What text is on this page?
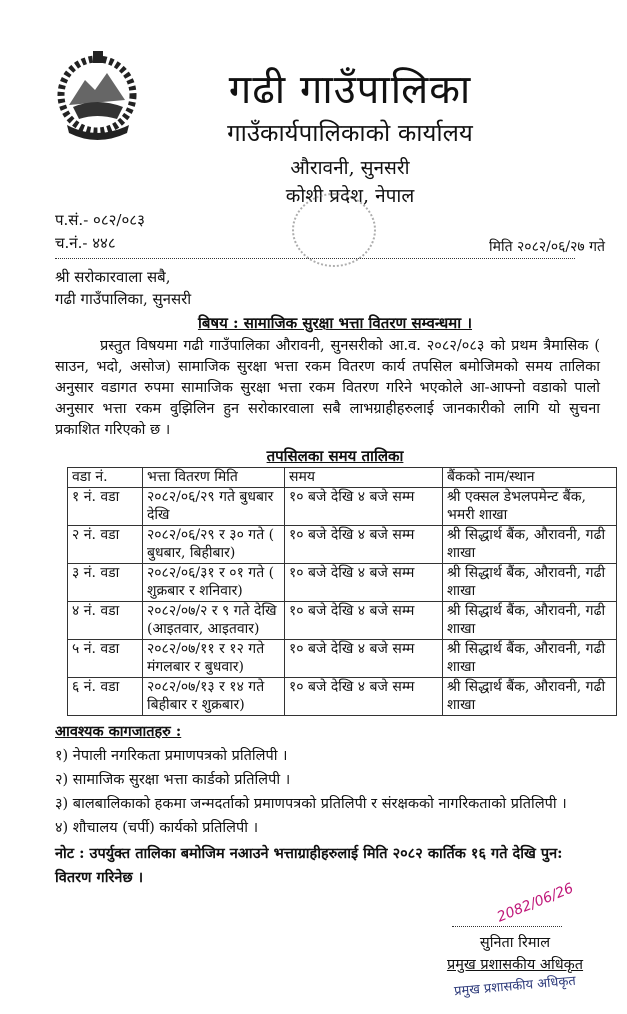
गढी गाउँपालिका
गाउँकार्यपालिकाको कार्यालय
औरावनी, सुनसरी
कोशी प्रदेश, नेपाल
प.सं.- ०८२/०८३
च.नं.- ४४८	मिति २०८२/०६/२७ गते
श्री सरोकारवाला सबै,
गढी गाउँपालिका, सुनसरी
बिषय : सामाजिक सुरक्षा भत्ता वितरण सम्वन्धमा ।
प्रस्तुत विषयमा गढी गाउँपालिका औरावनी, सुनसरीको आ.व. २०८२/०८३ को प्रथम त्रैमासिक ( साउन, भदो, असोज) सामाजिक सुरक्षा भत्ता रकम वितरण कार्य तपसिल बमोजिमको समय तालिका अनुसार वडागत रुपमा सामाजिक सुरक्षा भत्ता रकम वितरण गरिने भएकोले आ-आफ्नो वडाको पालो अनुसार भत्ता रकम वुझिलिन हुन सरोकारवाला सबै लाभग्राहीहरुलाई जानकारीको लागि यो सुचना प्रकाशित गरिएको छ ।
तपसिलका समय तालिका
वडा नं.	भत्ता वितरण मिति	समय	बैंकको नाम/स्थान
१ नं. वडा	२०८२/०६/२९ गते बुधबार देखि	१० बजे देखि ४ बजे सम्म	श्री एक्सल डेभलपमेन्ट बैंक, भमरी शाखा
२ नं. वडा	२०८२/०६/२९ र ३० गते ( बुधबार, बिहीबार)	१० बजे देखि ४ बजे सम्म	श्री सिद्धार्थ बैंक, औरावनी, गढी शाखा
३ नं. वडा	२०८२/०६/३१ र ०१ गते ( शुक्रबार र शनिवार)	१० बजे देखि ४ बजे सम्म	श्री सिद्धार्थ बैंक, औरावनी, गढी शाखा
४ नं. वडा	२०८२/०७/२ र ९ गते देखि (आइतवार, आइतवार)	१० बजे देखि ४ बजे सम्म	श्री सिद्धार्थ बैंक, औरावनी, गढी शाखा
५ नं. वडा	२०८२/०७/११ र १२ गते मंगलबार र बुधवार)	१० बजे देखि ४ बजे सम्म	श्री सिद्धार्थ बैंक, औरावनी, गढी शाखा
६ नं. वडा	२०८२/०७/१३ र १४ गते बिहीबार र शुक्रबार)	१० बजे देखि ४ बजे सम्म	श्री सिद्धार्थ बैंक, औरावनी, गढी शाखा
आवश्यक कागजातहरु :
१) नेपाली नगरिकता प्रमाणपत्रको प्रतिलिपी ।
२) सामाजिक सुरक्षा भत्ता कार्डको प्रतिलिपी ।
३) बालबालिकाको हकमा जन्मदर्ताको प्रमाणपत्रको प्रतिलिपी र संरक्षकको नागरिकताको प्रतिलिपी ।
४) शौचालय (चर्पी) कार्यको प्रतिलिपी ।
नोट : उपर्युक्त तालिका बमोजिम नआउने भत्ताग्राहीहरुलाई मिति २०८२ कार्तिक १६ गते देखि पुन: वितरण गरिनेछ ।
2082/06/26
सुनिता रिमाल
प्रमुख प्रशासकीय अधिकृत
प्रमुख प्रशासकीय अधिकृत
